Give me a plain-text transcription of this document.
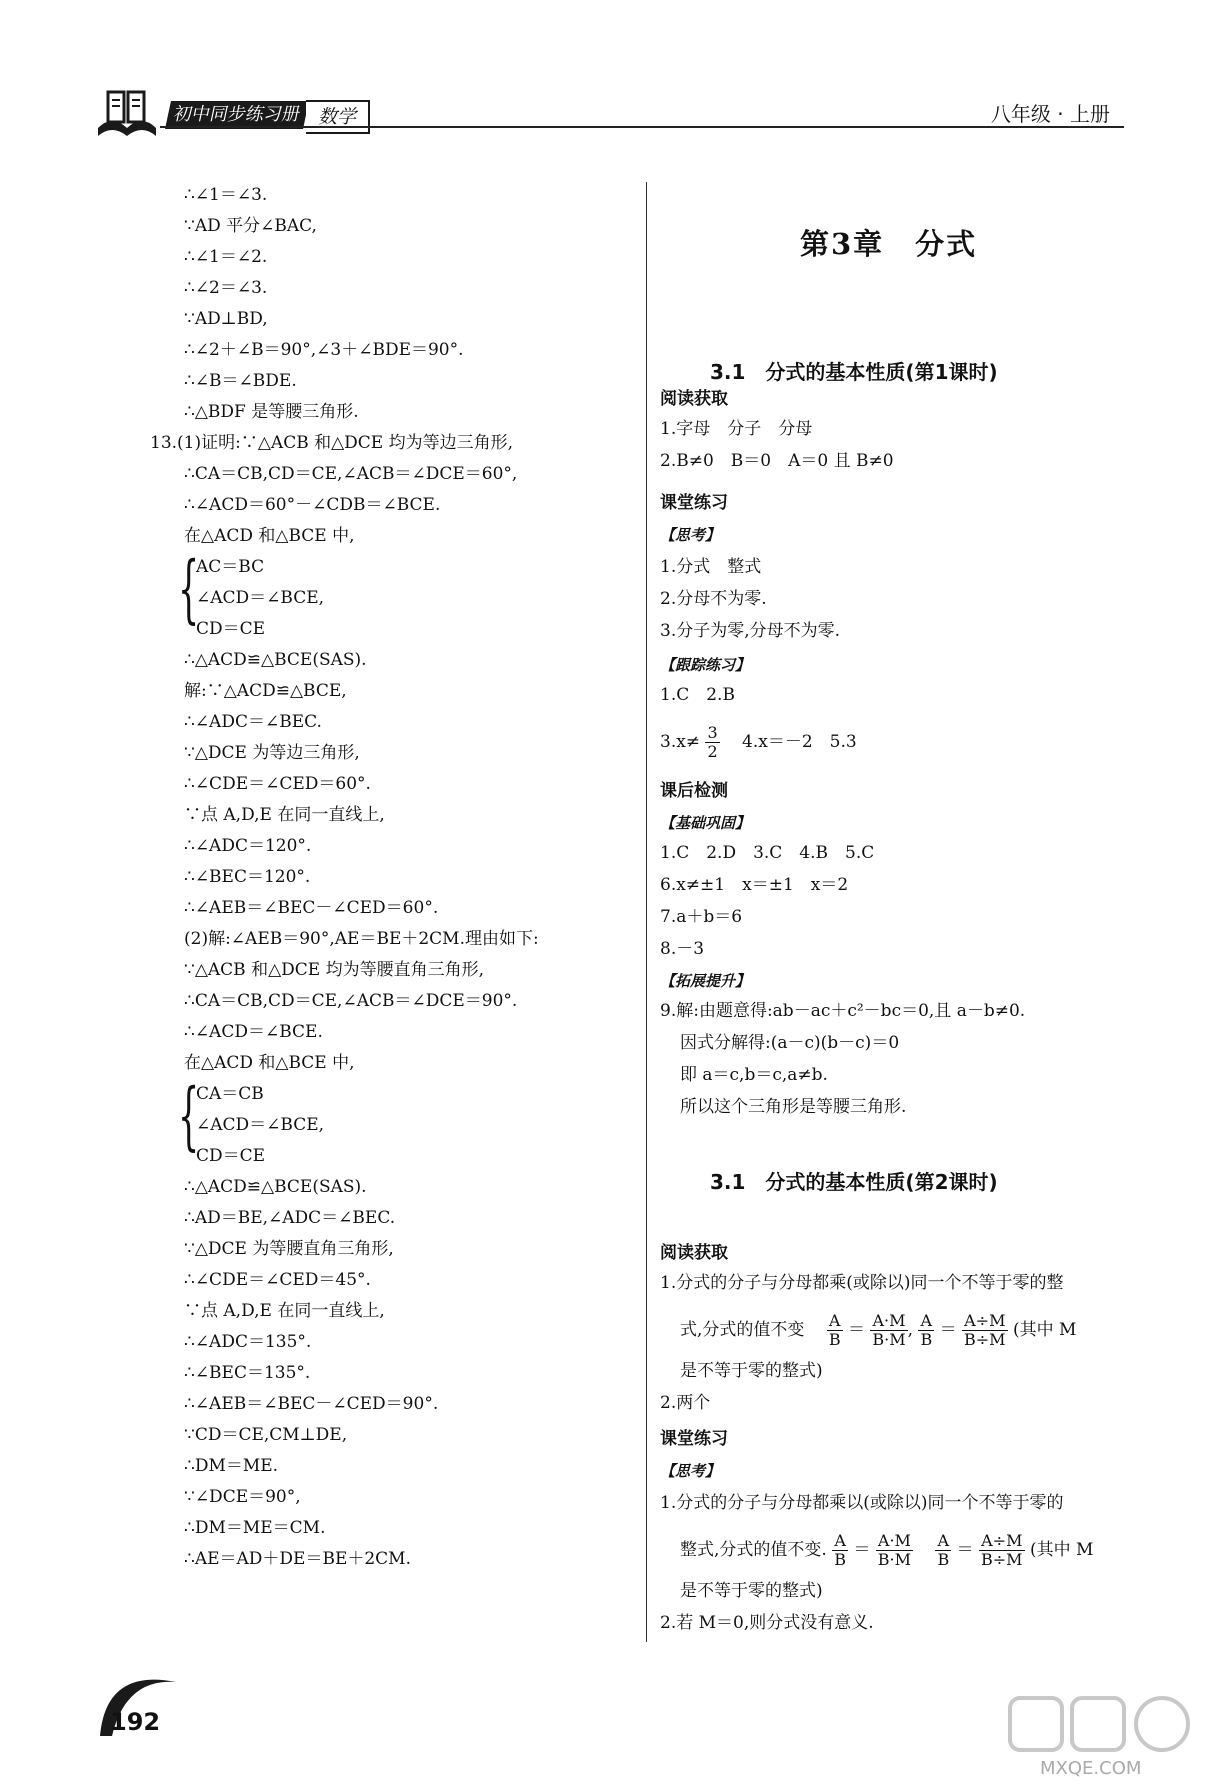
初中同步练习册 数学	八年级 · 上册
∴∠1＝∠3.
∵AD 平分∠BAC,
∴∠1＝∠2.
∴∠2＝∠3.
∵AD⊥BD,
∴∠2＋∠B＝90°,∠3＋∠BDE＝90°.
∴∠B＝∠BDE.
∴△BDF 是等腰三角形.
13.(1)证明:∵△ACB 和△DCE 均为等边三角形,
∴CA＝CB,CD＝CE,∠ACB＝∠DCE＝60°,
∴∠ACD＝60°－∠CDB＝∠BCE.
在△ACD 和△BCE 中,
{
AC＝BC
∠ACD＝∠BCE,
CD＝CE
∴△ACD≌△BCE(SAS).
解:∵△ACD≌△BCE,
∴∠ADC＝∠BEC.
∵△DCE 为等边三角形,
∴∠CDE＝∠CED＝60°.
∵点 A,D,E 在同一直线上,
∴∠ADC＝120°.
∴∠BEC＝120°.
∴∠AEB＝∠BEC－∠CED＝60°.
(2)解:∠AEB＝90°,AE＝BE＋2CM.理由如下:
∵△ACB 和△DCE 均为等腰直角三角形,
∴CA＝CB,CD＝CE,∠ACB＝∠DCE＝90°.
∴∠ACD＝∠BCE.
在△ACD 和△BCE 中,
{
CA＝CB
∠ACD＝∠BCE,
CD＝CE
∴△ACD≌△BCE(SAS).
∴AD＝BE,∠ADC＝∠BEC.
∵△DCE 为等腰直角三角形,
∴∠CDE＝∠CED＝45°.
∵点 A,D,E 在同一直线上,
∴∠ADC＝135°.
∴∠BEC＝135°.
∴∠AEB＝∠BEC－∠CED＝90°.
∵CD＝CE,CM⊥DE,
∴DM＝ME.
∵∠DCE＝90°,
∴DM＝ME＝CM.
∴AE＝AD＋DE＝BE＋2CM.
第3章　分式
3.1　分式的基本性质(第1课时)
阅读获取
1.字母　分子　分母
2.B≠0　B＝0　A＝0 且 B≠0
课堂练习
【思考】
1.分式　整式
2.分母不为零.
3.分子为零,分母不为零.
【跟踪练习】
1.C　2.B
$3.x\ne \frac{3}{2}$ 　4.x＝－2　5.3
课后检测
【基础巩固】
1.C　2.D　3.C　4.B　5.C
6.x≠±1　x＝±1　x＝2
7.a＋b＝6
8.－3
【拓展提升】
9.解:由题意得:ab－ac＋c²－bc＝0,且 a－b≠0.
因式分解得:(a－c)(b－c)＝0
即 a＝c,b＝c,a≠b.
所以这个三角形是等腰三角形.
3.1　分式的基本性质(第2课时)
阅读获取
1.分式的分子与分母都乘(或除以)同一个不等于零的整
式,分式的值不变　 $\frac{A}{B} = \frac{A\cdot M}{B\cdot M}$ , $\frac{A}{B} = \frac{A\div M}{B\div M}$ (其中 M
是不等于零的整式)
2.两个
课堂练习
【思考】
1.分式的分子与分母都乘以(或除以)同一个不等于零的
整式,分式的值不变. $\frac{A}{B} = \frac{A\cdot M}{B\cdot M}$
　 $\frac{A}{B} = \frac{A\div M}{B\div M}$ (其中 M
是不等于零的整式)
2.若 M＝0,则分式没有意义.
192
MXQE.COM
